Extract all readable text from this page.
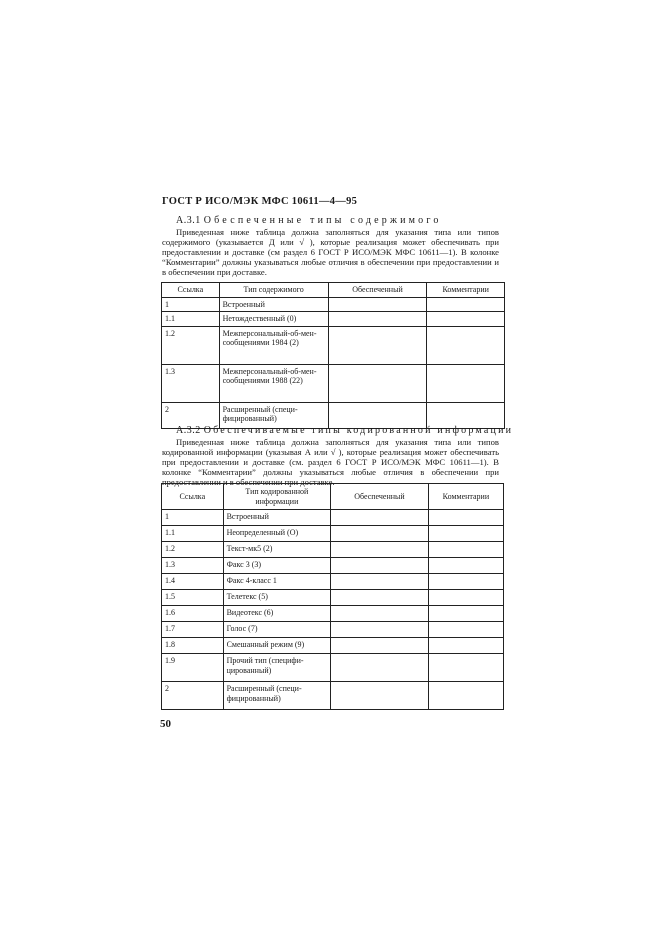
ГОСТ Р ИСО/МЭК МФС 10611—4—95
А.3.1 Обеспеченные типы содержимого

Приведенная ниже таблица должна заполняться для указания типа или типов содержимого (указывается Д или √ ), которые реализация может обеспечивать при предоставлении и доставке (см раздел 6 ГОСТ Р ИСО/МЭК МФС 10611—1). В колонке “Комментарии” должны указываться любые отличия в обеспечении при предоставлении и в обеспечении при доставке.

Ссылка	Тип содержимого	Обеспеченный	Комментарии
1	Встроенный		
1.1	Нетождественный (0)		
1.2	Межперсональный-об-мен-сообщениями 1984 (2)		
1.3	Межперсональный-об-мен-сообщениями 1988 (22)		
2	Расширенный (специ-фицированный)		
А.3.2 Обеспечиваемые типы кодированной информации

Приведенная ниже таблица должна заполняться для указания типа или типов кодированной информации (указывая А или √ ), которые реализация может обеспечивать при предоставлении и доставке (см. раздел 6 ГОСТ Р ИСО/МЭК МФС 10611—1). В колонке “Комментарии” должны указываться любые отличия в обеспечении при предоставлении и в обеспечении при доставке.

Ссылка	Тип кодированной информации	Обеспеченный	Комментарии
1	Встроенный		
1.1	Неопределенный (О)		
1.2	Текст-мк5 (2)		
1.3	Факс 3 (3)		
1.4	Факс 4-класс 1		
1.5	Телетекс (5)		
1.6	Видеотекс (6)		
1.7	Голос (7)		
1.8	Смешанный режим (9)		
1.9	Прочий тип (специфи-цированный)		
2	Расширенный (специ-фицированный)		
50
